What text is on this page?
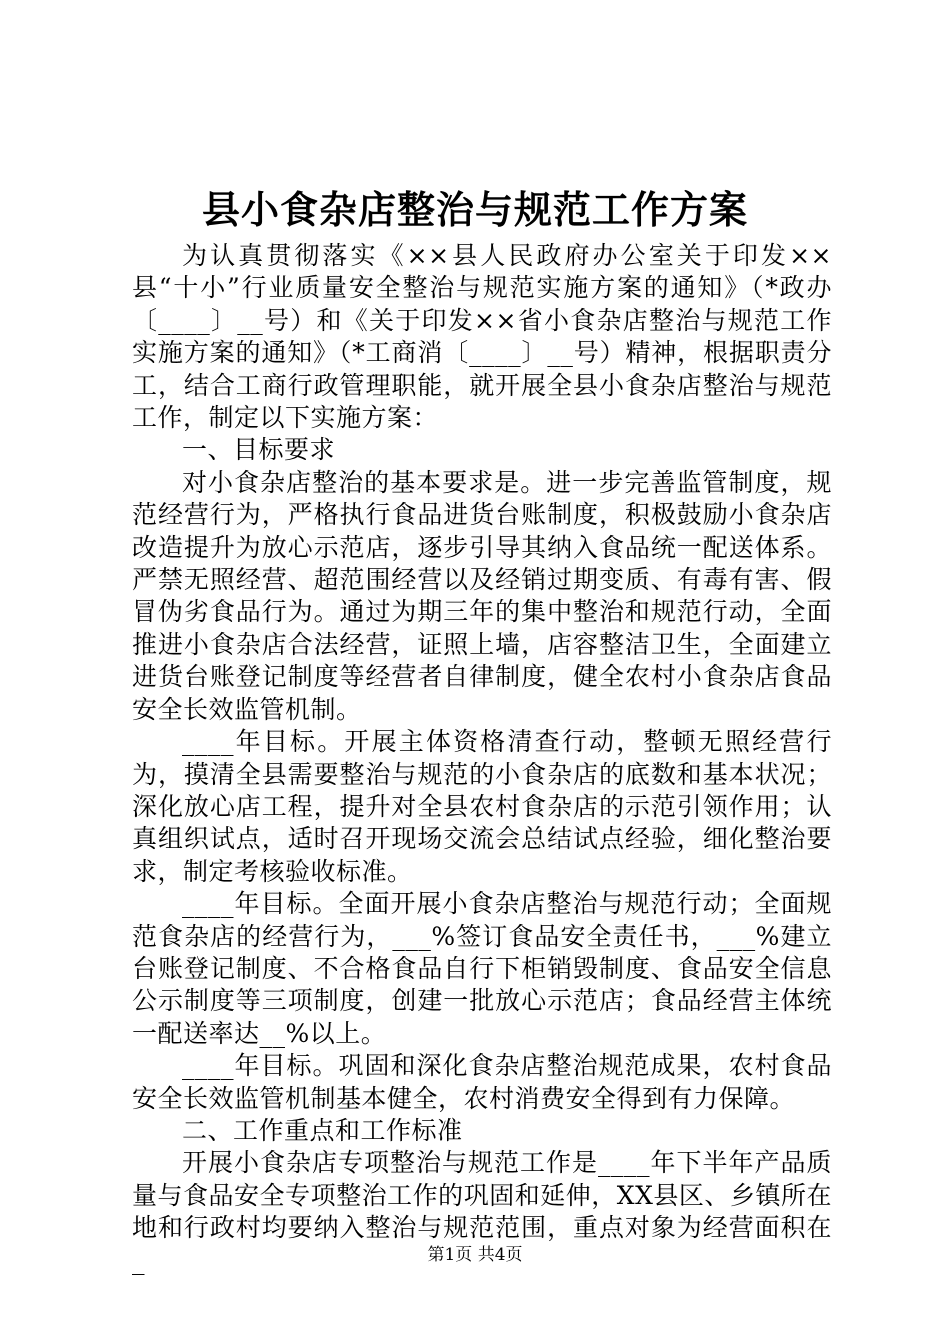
县小食杂店整治与规范工作方案

为认真贯彻落实《××县人民政府办公室关于印发××县“十小”行业质量安全整治与规范实施方案的通知》（*政办〔____〕__号）和《关于印发××省小食杂店整治与规范工作实施方案的通知》（*工商消〔____〕__号）精神，根据职责分工，结合工商行政管理职能，就开展全县小食杂店整治与规范工作，制定以下实施方案：

一、目标要求

对小食杂店整治的基本要求是。进一步完善监管制度，规范经营行为，严格执行食品进货台账制度，积极鼓励小食杂店改造提升为放心示范店，逐步引导其纳入食品统一配送体系。严禁无照经营、超范围经营以及经销过期变质、有毒有害、假冒伪劣食品行为。通过为期三年的集中整治和规范行动，全面推进小食杂店合法经营，证照上墙，店容整洁卫生，全面建立进货台账登记制度等经营者自律制度，健全农村小食杂店食品安全长效监管机制。

____年目标。开展主体资格清查行动，整顿无照经营行为，摸清全县需要整治与规范的小食杂店的底数和基本状况；深化放心店工程，提升对全县农村食杂店的示范引领作用；认真组织试点，适时召开现场交流会总结试点经验，细化整治要求，制定考核验收标准。

____年目标。全面开展小食杂店整治与规范行动；全面规范食杂店的经营行为，___%签订食品安全责任书，___%建立台账登记制度、不合格食品自行下柜销毁制度、食品安全信息公示制度等三项制度，创建一批放心示范店；食品经营主体统一配送率达__%以上。

____年目标。巩固和深化食杂店整治规范成果，农村食品安全长效监管机制基本健全，农村消费安全得到有力保障。

二、工作重点和工作标准

开展小食杂店专项整治与规范工作是____年下半年产品质量与食品安全专项整治工作的巩固和延伸，XX县区、乡镇所在地和行政村均要纳入整治与规范范围，重点对象为经营面积在_	第1页 共4页
